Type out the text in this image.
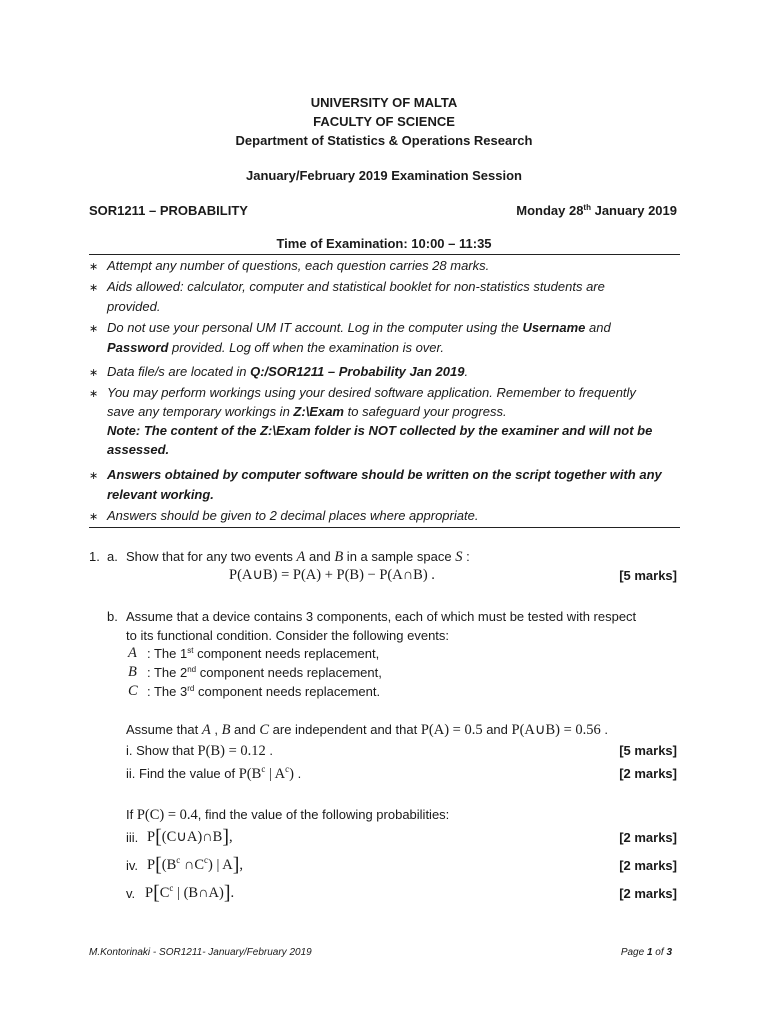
UNIVERSITY OF MALTA
FACULTY OF SCIENCE
Department of Statistics & Operations Research
January/February 2019 Examination Session
SOR1211 – PROBABILITY	Monday 28th January 2019
Time of Examination: 10:00 – 11:35
∗ Attempt any number of questions, each question carries 28 marks.
∗ Aids allowed: calculator, computer and statistical booklet for non-statistics students are
provided.
∗ Do not use your personal UM IT account. Log in the computer using the Username and
Password provided. Log off when the examination is over.
∗ Data file/s are located in Q:/SOR1211 – Probability Jan 2019.
∗ You may perform workings using your desired software application. Remember to frequently
save any temporary workings in Z:\Exam to safeguard your progress.
Note: The content of the Z:\Exam folder is NOT collected by the examiner and will not be
assessed.
∗ Answers obtained by computer software should be written on the script together with any
relevant working.
∗ Answers should be given to 2 decimal places where appropriate.
1. a. Show that for any two events A and B in a sample space S :
P(A∪B) = P(A) + P(B) − P(A∩B) .	[5 marks]
b. Assume that a device contains 3 components, each of which must be tested with respect
to its functional condition. Consider the following events:
A : The 1st component needs replacement,
B : The 2nd component needs replacement,
C : The 3rd component needs replacement.
Assume that A , B and C are independent and that P(A) = 0.5 and P(A∪B) = 0.56 .
i. Show that P(B) = 0.12 .	[5 marks]
ii. Find the value of $P(B^c$ | $A^c$) .	[2 marks]
If P(C) = 0.4, find the value of the following probabilities:
iii. P[(C∪A)∩B],	[2 marks]
iv. $P[(B^c$ $\cap C^c$) | A],	[2 marks]
v. $P[C^c$ | (B∩A)].	[2 marks]
M.Kontorinaki - SOR1211- January/February 2019	Page 1 of 3
